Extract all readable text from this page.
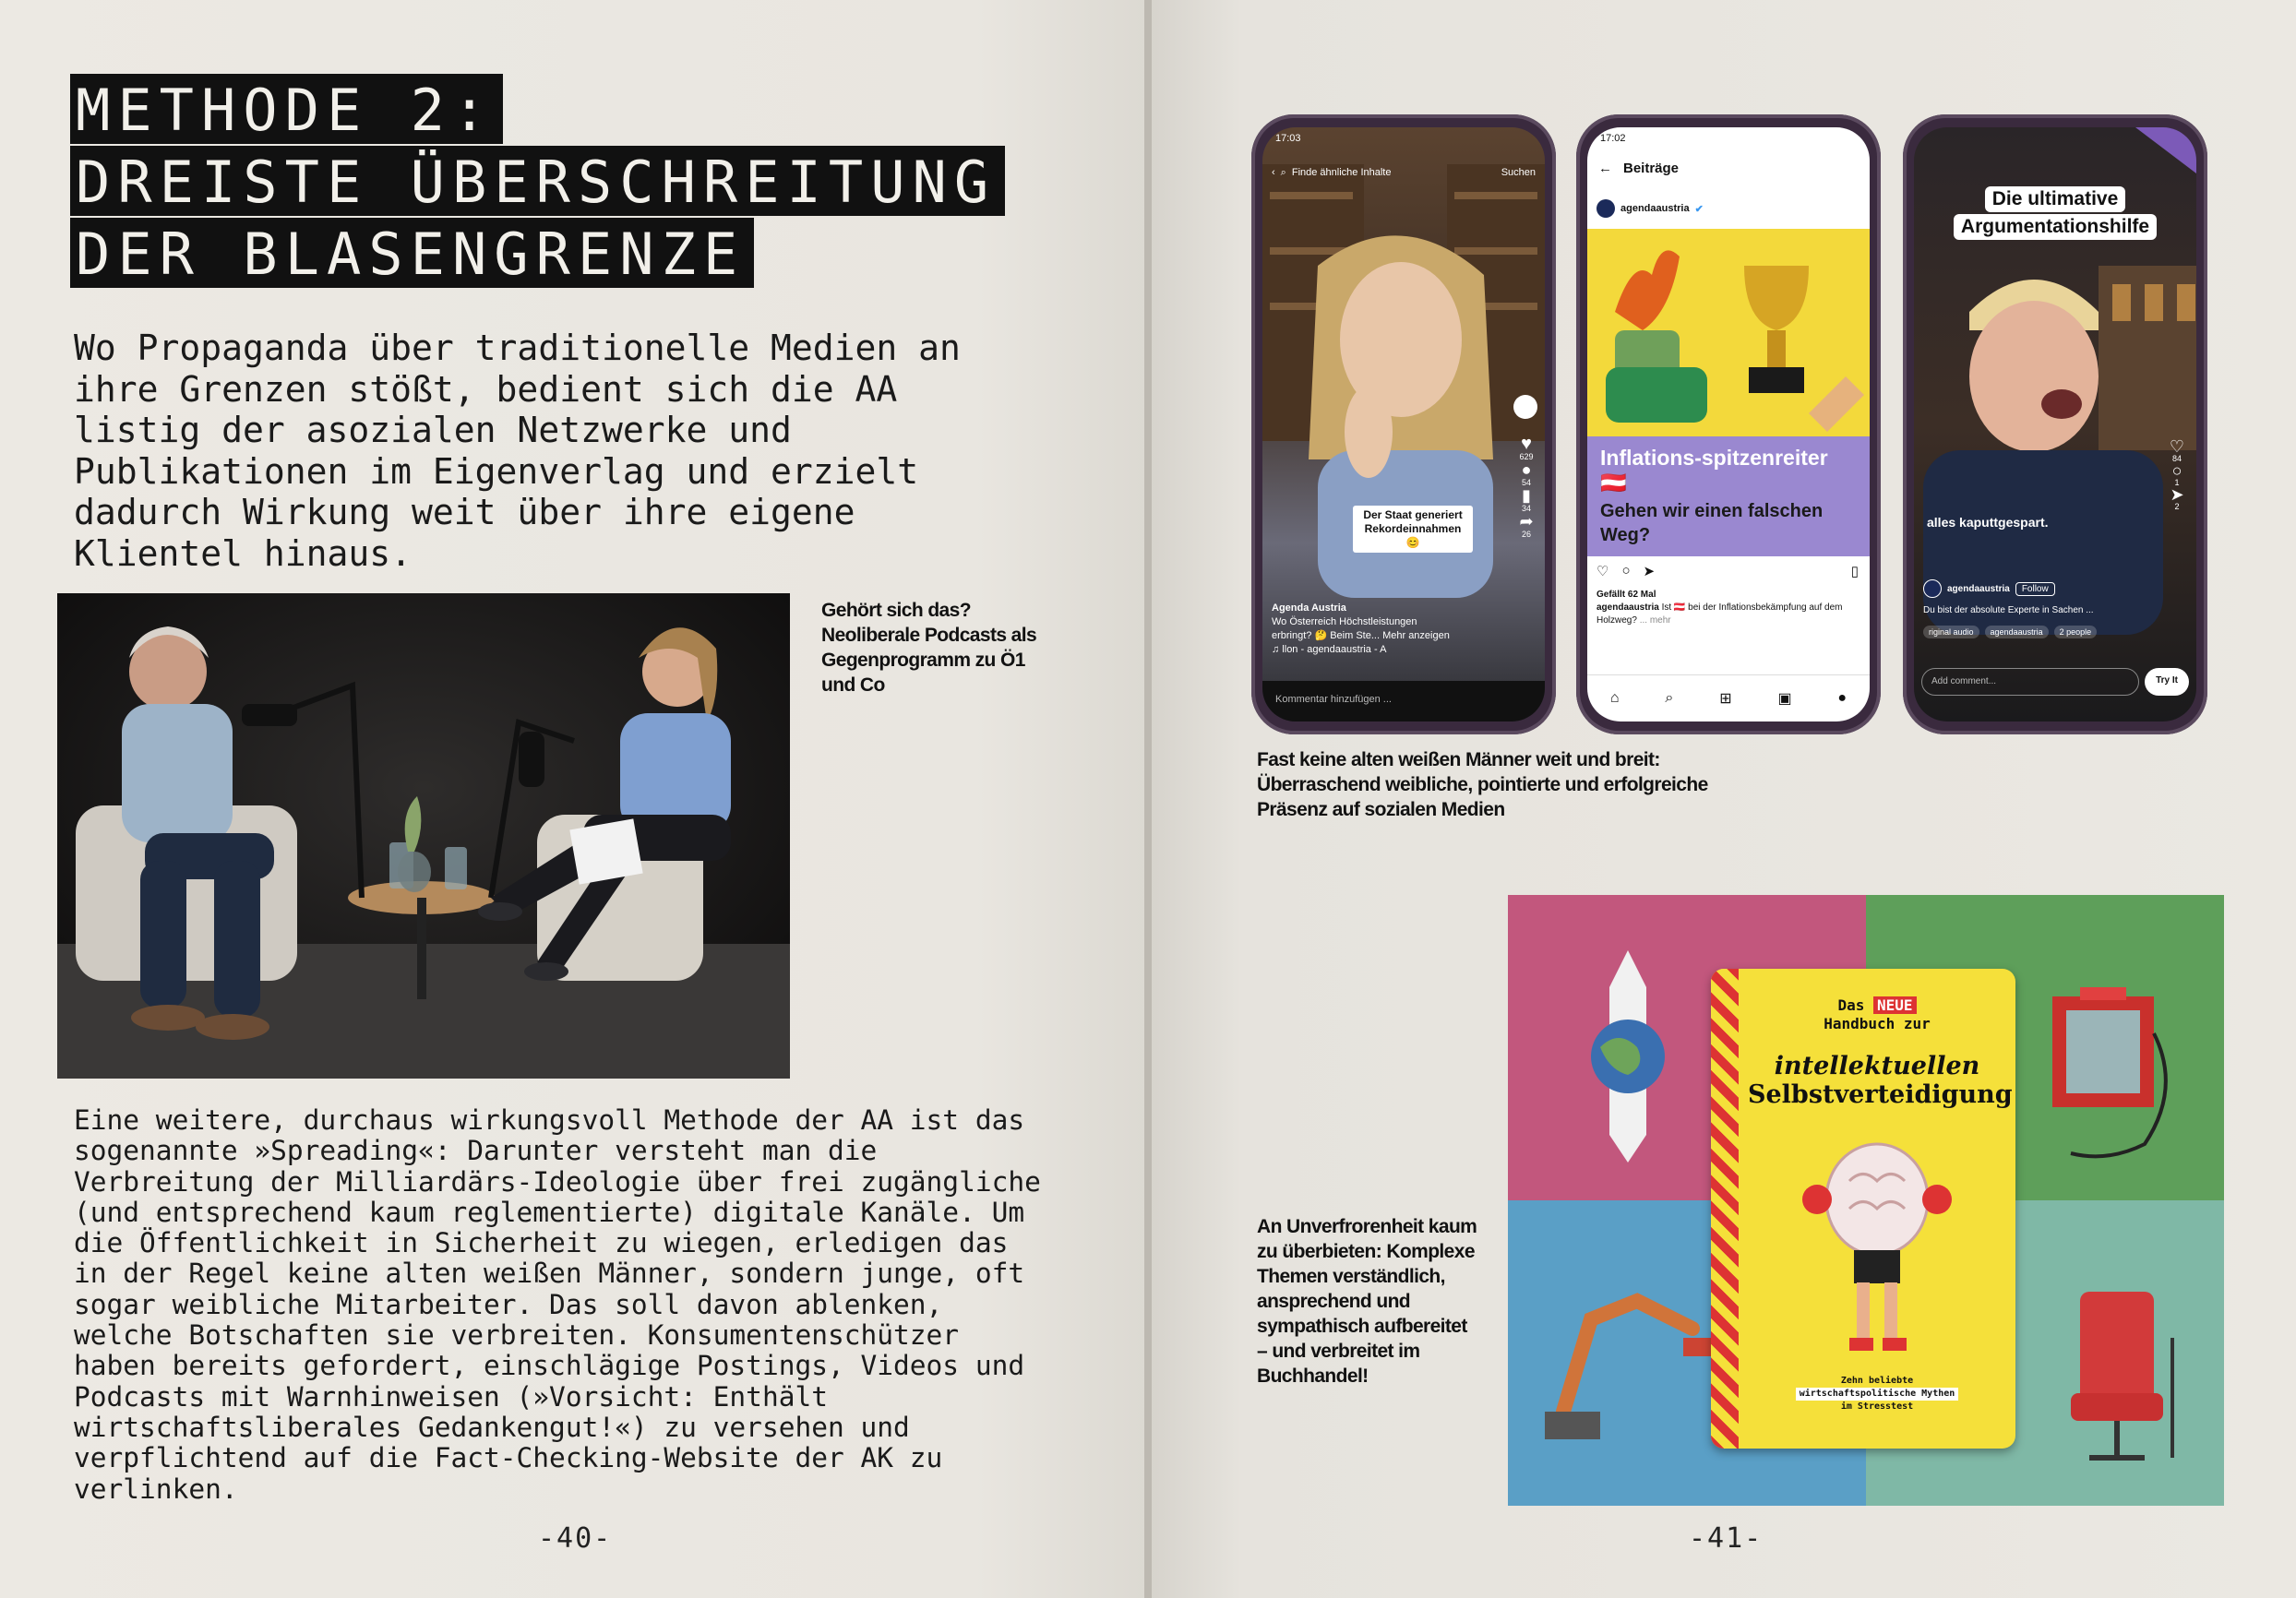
METHODE 2:
DREISTE ÜBERSCHREITUNG
DER BLASENGRENZE

Wo Propaganda über traditionelle Medien an ihre Grenzen stößt, bedient sich die AA listig der asozialen Netzwerke und Publikationen im Eigenverlag und erzielt dadurch Wirkung weit über ihre eigene Klientel hinaus.

Gehört sich das? Neoliberale Podcasts als Gegenprogramm zu Ö1 und Co

Eine weitere, durchaus wirkungsvoll Methode der AA ist das sogenannte »Spreading«: Darunter versteht man die Verbreitung der Milliardärs-Ideologie über frei zugängliche (und entsprechend kaum reglementierte) digitale Kanäle. Um die Öffentlichkeit in Sicherheit zu wiegen, erledigen das in der Regel keine alten weißen Männer, sondern junge, oft sogar weibliche Mitarbeiter. Das soll davon ablenken, welche Botschaften sie verbreiten. Konsumentenschützer haben bereits gefordert, einschlägige Postings, Videos und Podcasts mit Warnhinweisen (»Vorsicht: Enthält wirtschaftsliberales Gedankengut!«) zu versehen und verpflichtend auf die Fact-Checking-Website der AK zu verlinken.

-40-
17:03
‹ ⌕ Finde ähnliche Inhalte	Suchen
Der Staat generiert Rekordeinnahmen 😊
♥
629
●
54
▮
34
➦
26
Agenda Austria
Wo Österreich Höchstleistungen erbringt? 🤔 Beim Ste... Mehr anzeigen
♫ llon - agendaaustria - A
Kommentar hinzufügen ...
17:02
← Beiträge
agendaaustria ✔
Inflations-spitzenreiter 🇦🇹
Gehen wir einen falschen Weg?
♡ ○ ➤	▯
Gefällt 62 Mal
agendaaustria Ist 🇦🇹 bei der Inflationsbekämpfung auf dem Holzweg? ... mehr
⌂	⌕	⊞	▣	●
Die ultimative Argumentationshilfe
alles kaputtgespart.
♡
84
○
1
➤
2
agendaaustria	Follow
Du bist der absolute Experte in Sachen ...
riginal audio	agendaaustria	2 people
Add comment...	Try It
Fast keine alten weißen Männer weit und breit: Überraschend weibliche, pointierte und erfolgreiche Präsenz auf sozialen Medien
An Unverfrorenheit kaum zu überbieten: Komplexe Themen verständlich, ansprechend und sympathisch aufbereitet – und verbreitet im Buchhandel!
Das NEUE
Handbuch zur
intellektuellen
Selbstverteidigung
Zehn beliebte
wirtschaftspolitische Mythen
im Stresstest
-41-
